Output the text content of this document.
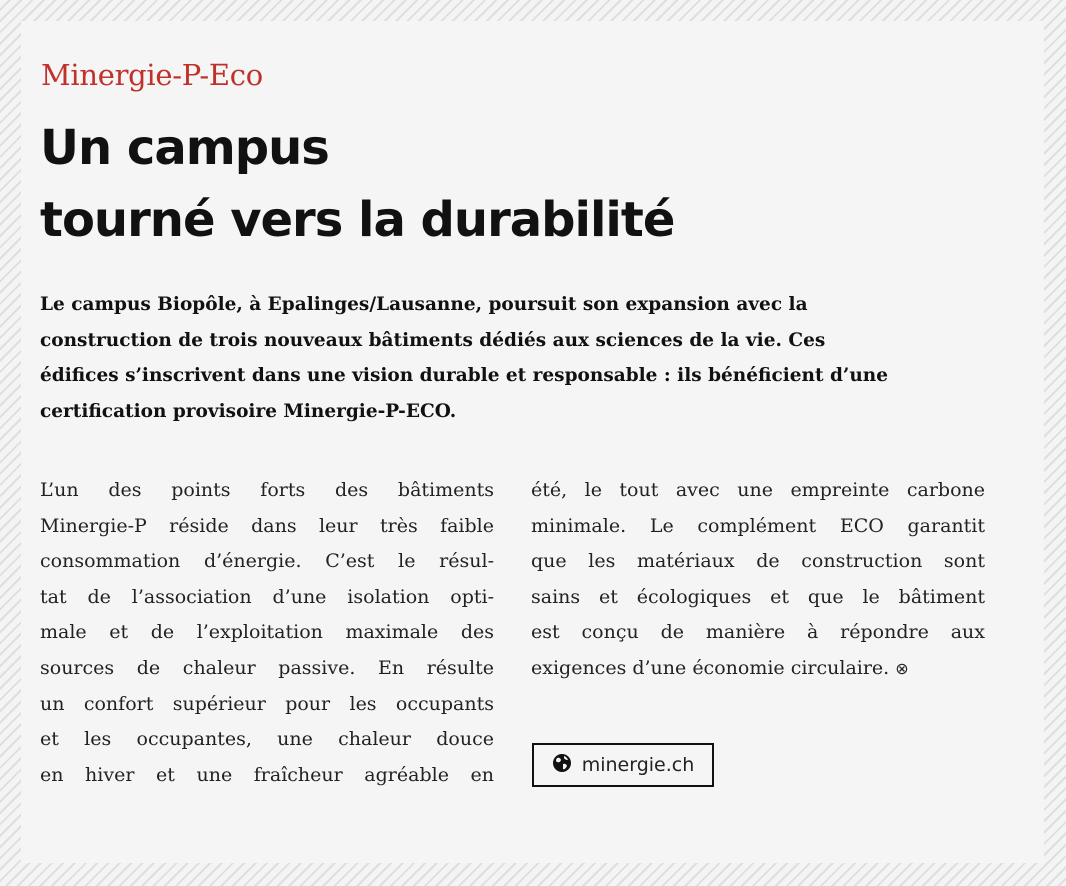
Minergie-P-Eco
Un campus
tourné vers la durabilité
Le campus Biopôle, à Epalinges/Lausanne, poursuit son expansion avec la
construction de trois nouveaux bâtiments dédiés aux sciences de la vie. Ces
édifices s’inscrivent dans une vision durable et responsable : ils bénéficient d’une
certification provisoire Minergie-P-ECO.
L’un des points forts des bâtiments
Minergie-P réside dans leur très faible
consommation d’énergie. C’est le résul-
tat de l’association d’une isolation opti-
male et de l’exploitation maximale des
sources de chaleur passive. En résulte
un confort supérieur pour les occupants
et les occupantes, une chaleur douce
en hiver et une fraîcheur agréable en
été, le tout avec une empreinte carbone
minimale. Le complément ECO garantit
que les matériaux de construction sont
sains et écologiques et que le bâtiment
est conçu de manière à répondre aux
exigences d’une économie circulaire. ⊗
minergie.ch
